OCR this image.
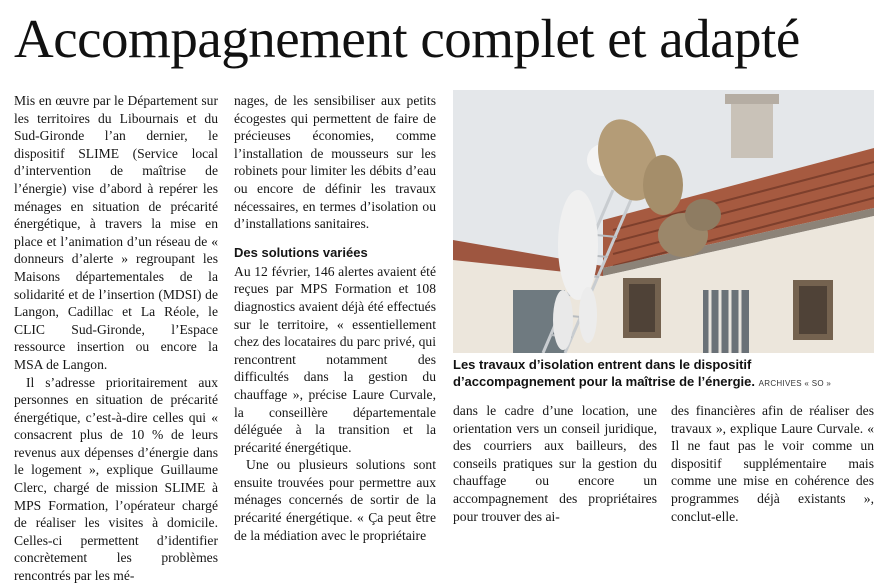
Accompagnement complet et adapté

Mis en œuvre par le Département sur les territoires du Libournais et du Sud-Gironde l’an dernier, le dispositif SLIME (Service local d’intervention de maîtrise de l’énergie) vise d’abord à repérer les ménages en situation de précarité énergétique, à travers la mise en place et l’animation d’un réseau de « donneurs d’alerte » regroupant les Maisons départementales de la solidarité et de l’insertion (MDSI) de Langon, Cadillac et La Réole, le CLIC Sud-Gironde, l’Espace ressource insertion ou encore la MSA de Langon.

Il s’adresse prioritairement aux personnes en situation de précarité énergétique, c’est-à-dire celles qui « consacrent plus de 10 % de leurs revenus aux dépenses d’énergie dans le logement », explique Guillaume Clerc, chargé de mission SLIME à MPS Formation, l’opérateur chargé de réaliser les visites à domicile. Celles-ci permettent d’identifier concrètement les problèmes rencontrés par les mé-

nages, de les sensibiliser aux petits écogestes qui permettent de faire de précieuses économies, comme l’installation de mousseurs sur les robinets pour limiter les débits d’eau ou encore de définir les travaux nécessaires, en termes d’isolation ou d’installations sanitaires.

Des solutions variées

Au 12 février, 146 alertes avaient été reçues par MPS Formation et 108 diagnostics avaient déjà été effectués sur le territoire, « essentiellement chez des locataires du parc privé, qui rencontrent notamment des difficultés dans la gestion du chauffage », précise Laure Curvale, la conseillère départementale déléguée à la transition et la précarité énergétique.

Une ou plusieurs solutions sont ensuite trouvées pour permettre aux ménages concernés de sortir de la précarité énergétique. « Ça peut être de la médiation avec le propriétaire

Les travaux d’isolation entrent dans le dispositif d’accompagnement pour la maîtrise de l’énergie. ARCHIVES « SO »

dans le cadre d’une location, une orientation vers un conseil juridique, des courriers aux bailleurs, des conseils pratiques sur la gestion du chauffage ou encore un accompagnement des propriétaires pour trouver des ai-

des financières afin de réaliser des travaux », explique Laure Curvale. « Il ne faut pas le voir comme un dispositif supplémentaire mais comme une mise en cohérence des programmes déjà existants », conclut-elle.
